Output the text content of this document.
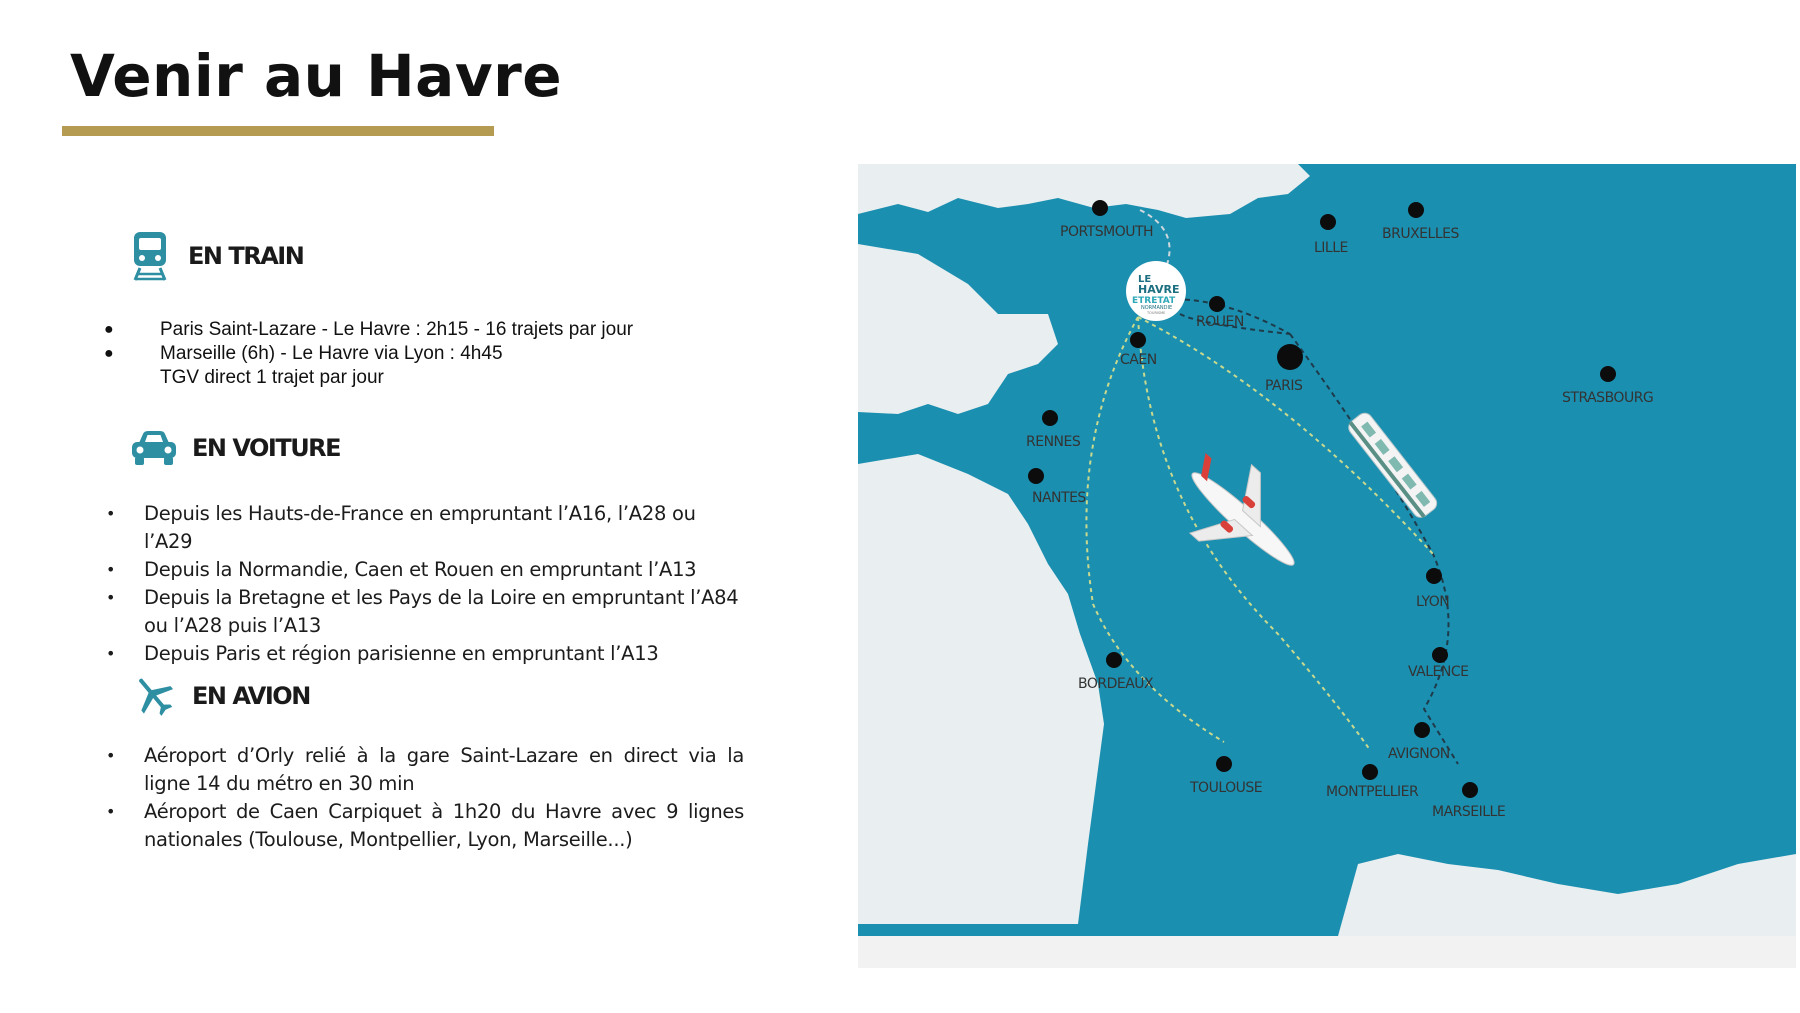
Venir au Havre
EN TRAIN
● Paris Saint-Lazare - Le Havre : 2h15 - 16 trajets par jour
● Marseille (6h) - Le Havre via Lyon : 4h45
TGV direct 1 trajet par jour
EN VOITURE
• Depuis les Hauts-de-France en empruntant l’A16, l’A28 ou l’A29
• Depuis la Normandie, Caen et Rouen en empruntant l’A13
• Depuis la Bretagne et les Pays de la Loire en empruntant l’A84 ou l’A28 puis l’A13
• Depuis Paris et région parisienne en empruntant l’A13
EN AVION
• Aéroport d’Orly relié à la gare Saint-Lazare en direct via la ligne 14 du métro en 30 min
• Aéroport de Caen Carpiquet à 1h20 du Havre avec 9 lignes nationales (Toulouse, Montpellier, Lyon, Marseille...)
LE
HAVRE
ETRETAT
NORMANDIE
TOURISME
PORTSMOUTH
LILLE
BRUXELLES
ROUEN
CAEN
PARIS
STRASBOURG
RENNES
NANTES
LYON
BORDEAUX
VALENCE
AVIGNON
TOULOUSE	MONTPELLIER
MARSEILLE
